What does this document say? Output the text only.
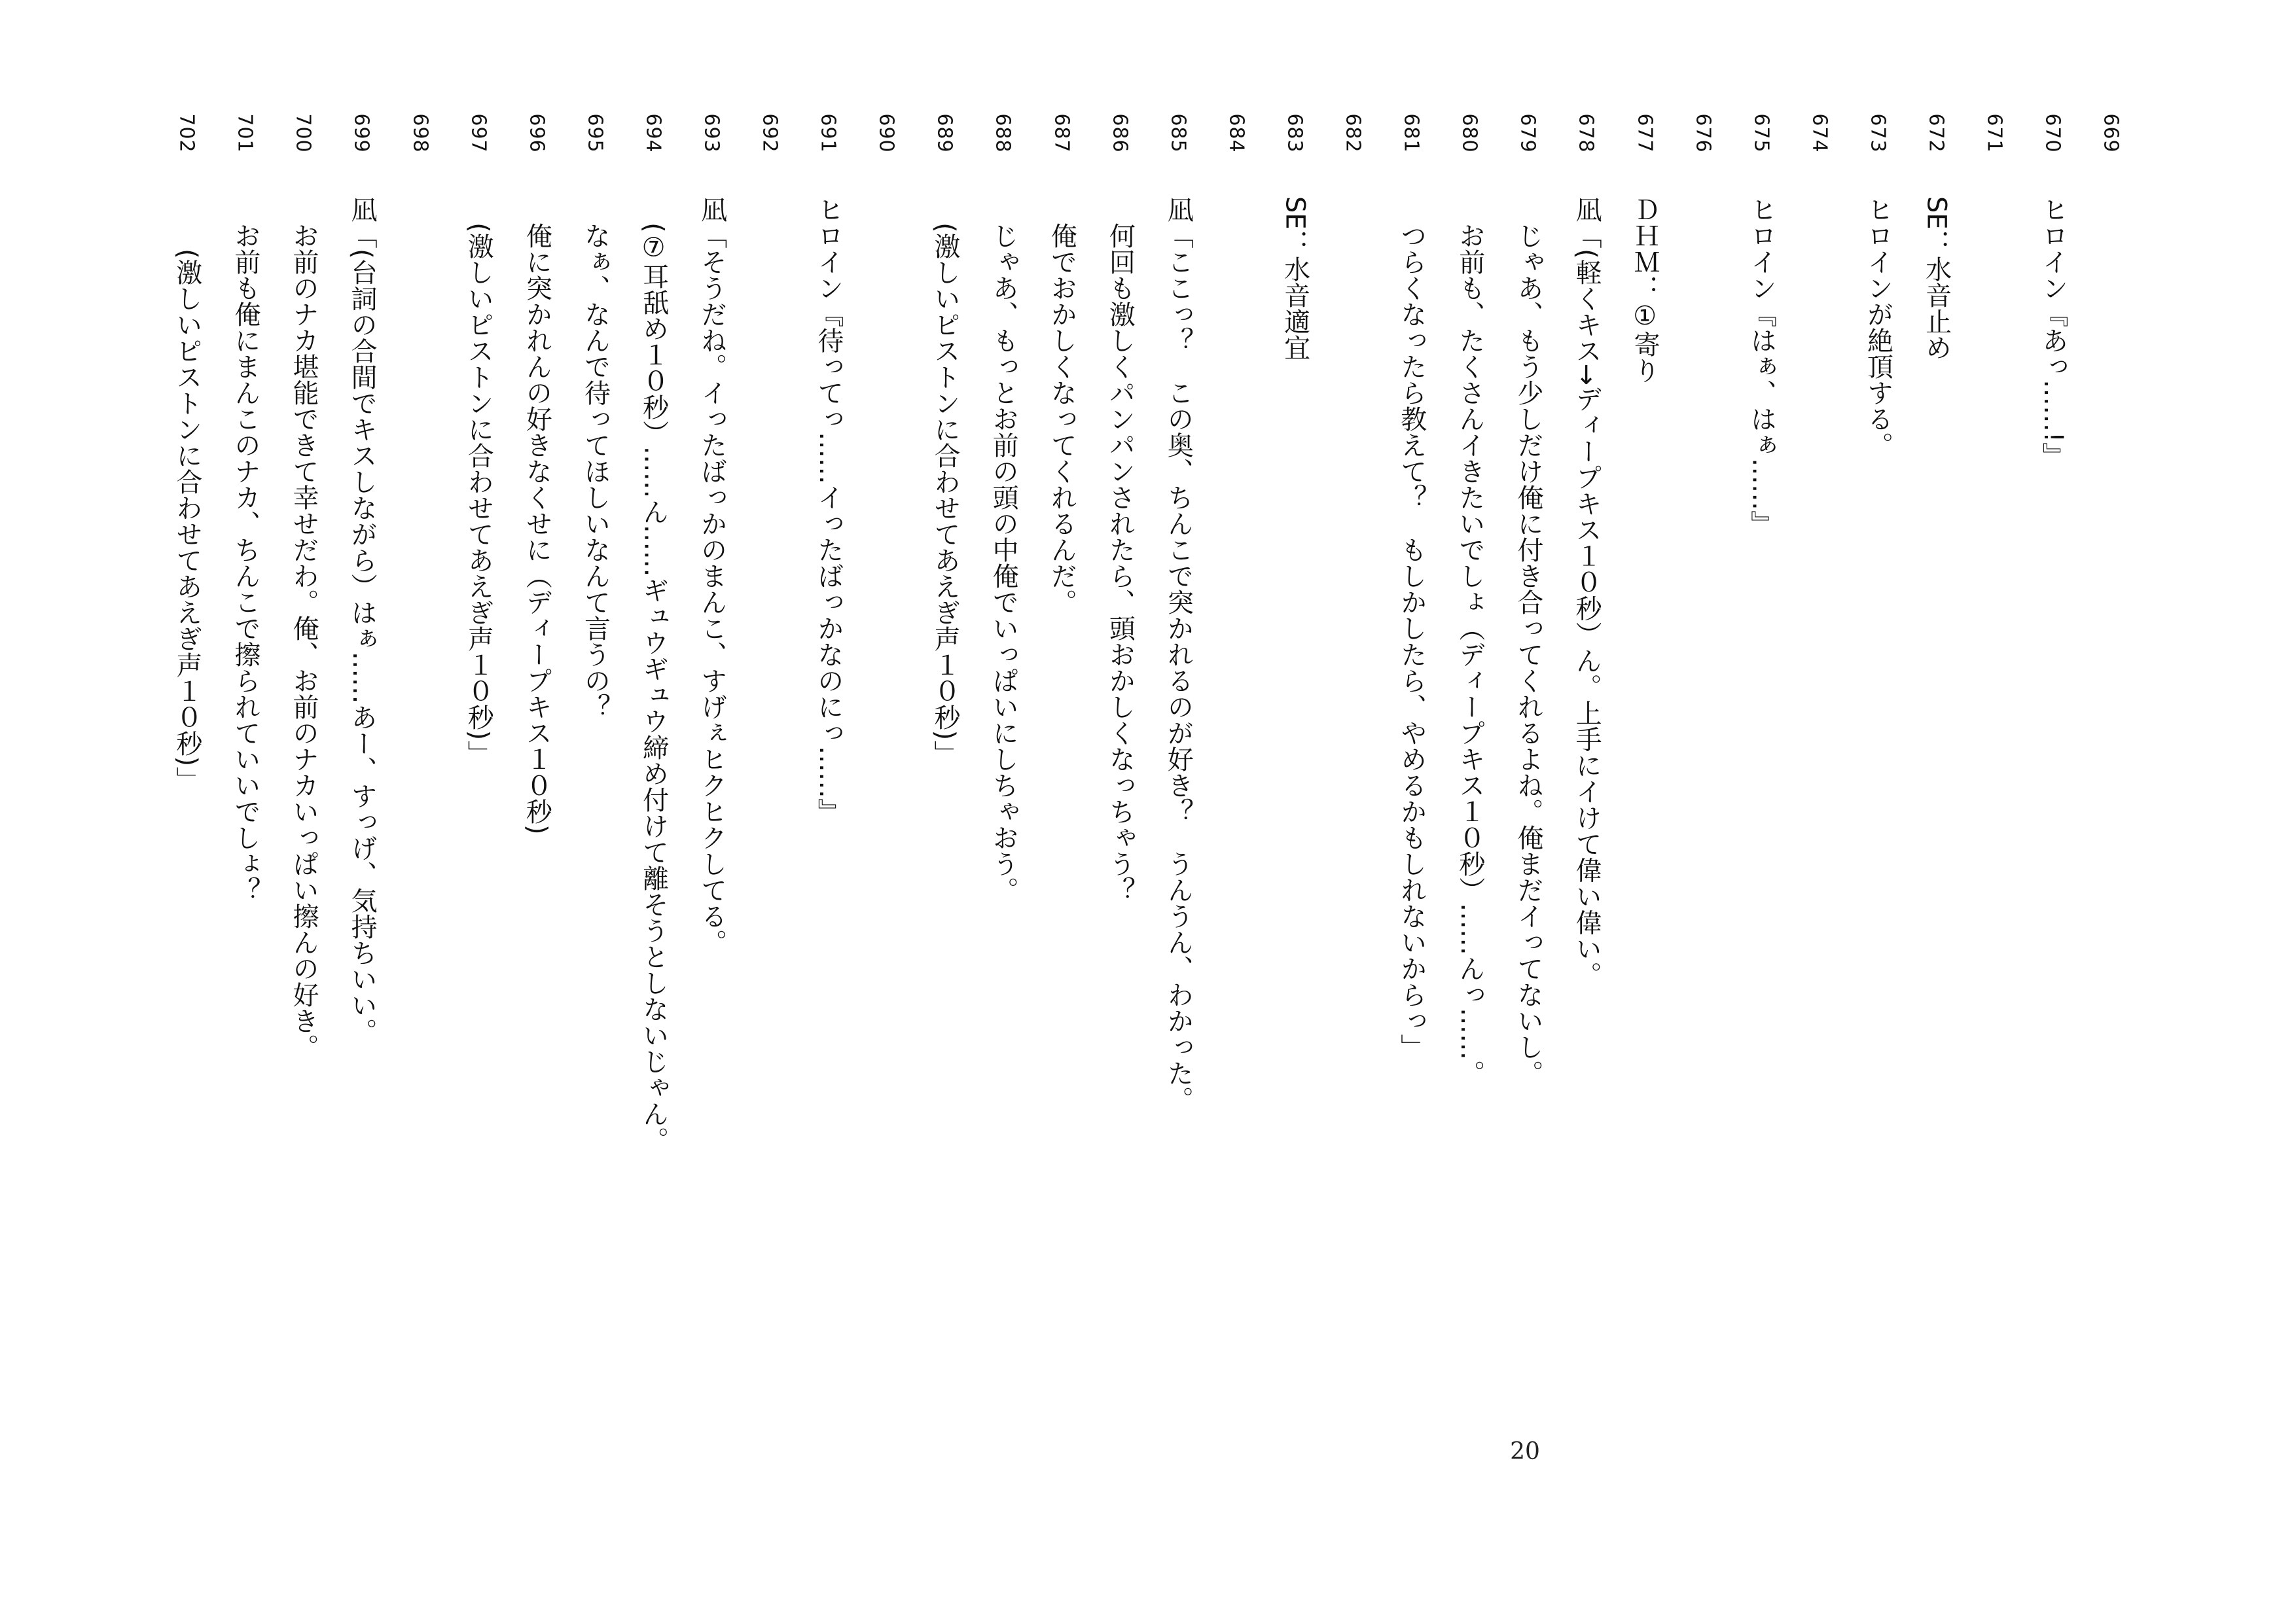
669
670
ヒロイン『あっ……!』
671
672
SE：水音止め
673
ヒロインが絶頂する。
674
675
ヒロイン『はぁ、はぁ……』
676
677
ＤＨＭ：①寄り
678
凪「(軽くキス→ディープキス１０秒）ん。上手にイけて偉い偉い。
679
　じゃあ、もう少しだけ俺に付き合ってくれるよね。俺まだイってないし。
680
　お前も、たくさんイきたいでしょ（ディープキス１０秒）……んっ……。
681
　つらくなったら教えて？　もしかしたら、やめるかもしれないからっ」
682
683
SE：水音適宜
684
685
凪「ここっ？　この奥、ちんこで突かれるのが好き？　うんうん、わかった。
686
　何回も激しくパンパンされたら、頭おかしくなっちゃう？
687
　俺でおかしくなってくれるんだ。
688
　じゃあ、もっとお前の頭の中俺でいっぱいにしちゃおう。
689
　(激しいピストンに合わせてあえぎ声１０秒)」
690
691
ヒロイン『待ってっ……イったばっかなのにっ……』
692
693
凪「そうだね。イったばっかのまんこ、すげぇヒクヒクしてる。
694
　(⑦耳舐め１０秒）……ん……ギュウギュウ締め付けて離そうとしないじゃん。
695
　なぁ、なんで待ってほしいなんて言うの？
696
　俺に突かれんの好きなくせに（ディープキス１０秒)
697
　(激しいピストンに合わせてあえぎ声１０秒)」
698
699
凪「(台詞の合間でキスしながら）はぁ……あー、すっげ、気持ちいい。
700
　お前のナカ堪能できて幸せだわ。俺、お前のナカいっぱい擦んの好き。
701
　お前も俺にまんこのナカ、ちんこで擦られていいでしょ？
702
　　(激しいピストンに合わせてあえぎ声１０秒)」
20
